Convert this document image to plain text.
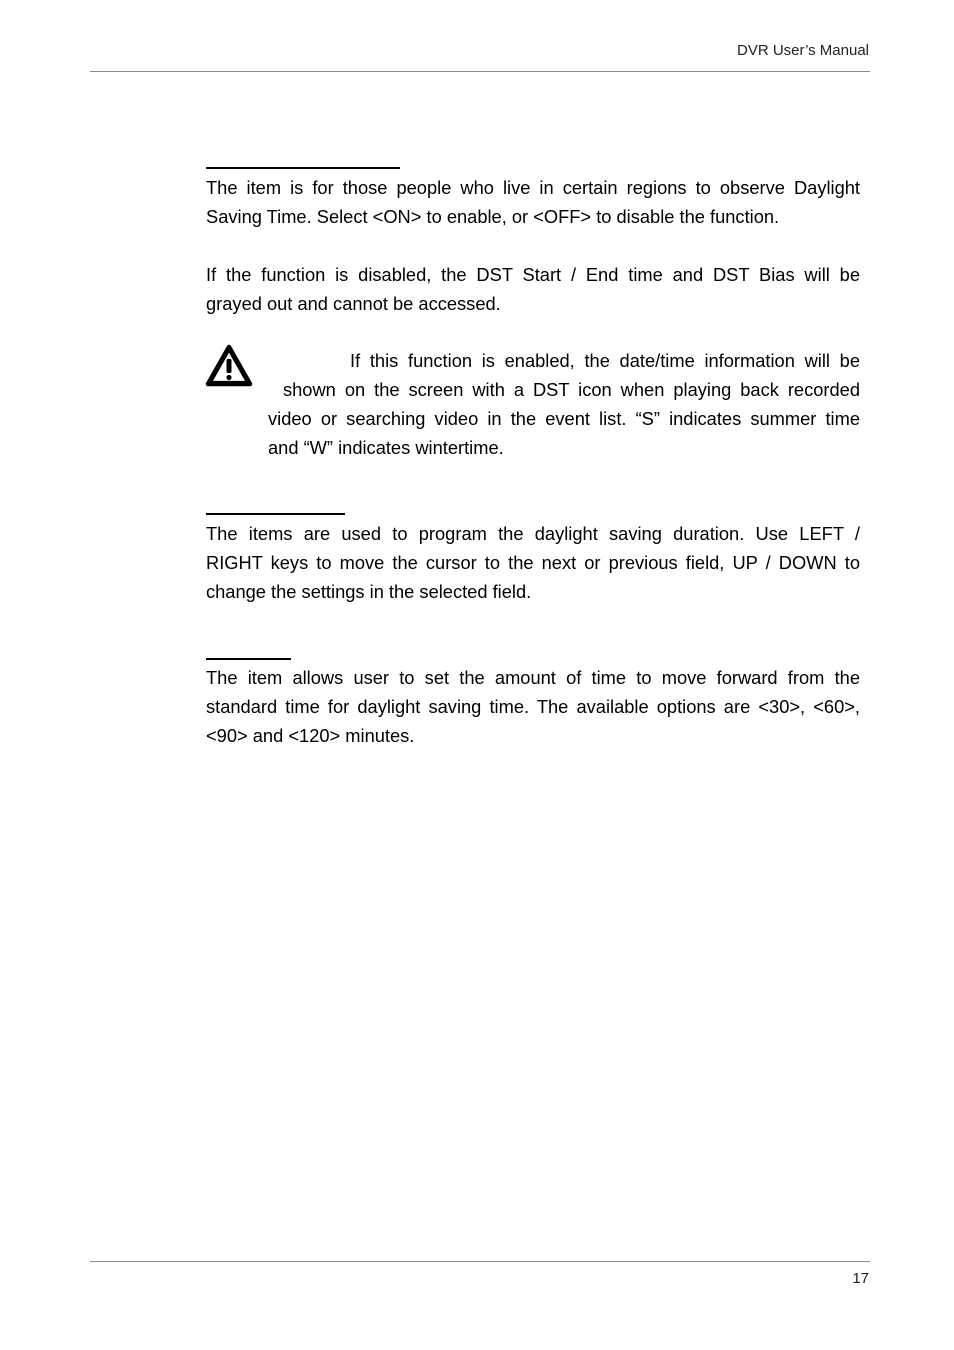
DVR User’s Manual
The item is for those people who live in certain regions to observe Daylight
Saving Time. Select <ON> to enable, or <OFF> to disable the function.
If the function is disabled, the DST Start / End time and DST Bias will be
grayed out and cannot be accessed.
If this function is enabled, the date/time information will be
shown on the screen with a DST icon when playing back recorded
video or searching video in the event list. “S” indicates summer time
and “W” indicates wintertime.
The items are used to program the daylight saving duration. Use LEFT /
RIGHT keys to move the cursor to the next or previous field, UP / DOWN to
change the settings in the selected field.
The item allows user to set the amount of time to move forward from the
standard time for daylight saving time. The available options are <30>, <60>,
<90> and <120> minutes.
17
